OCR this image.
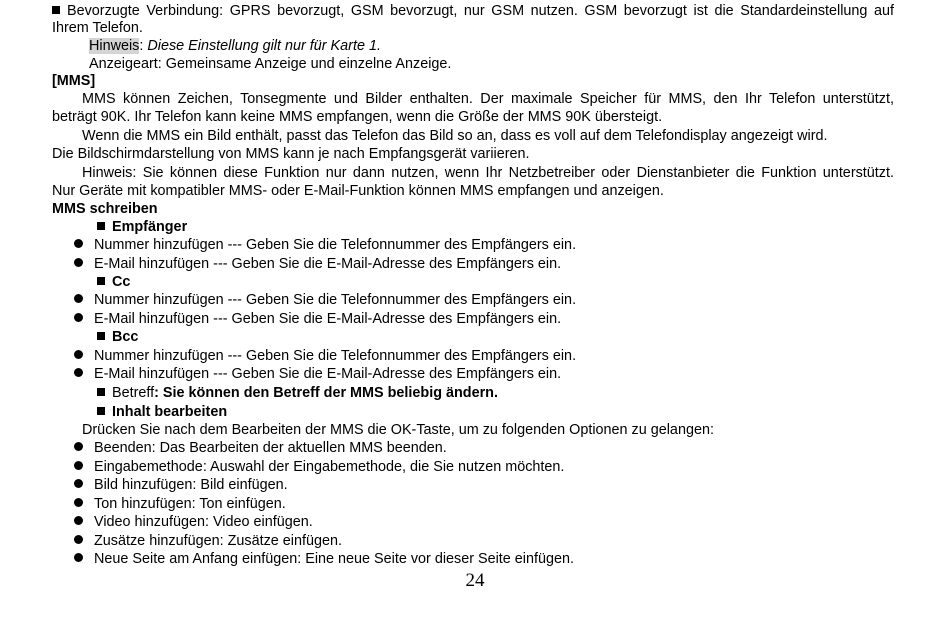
Bevorzugte Verbindung: GPRS bevorzugt, GSM bevorzugt, nur GSM nutzen. GSM bevorzugt ist die Standardeinstellung auf
Ihrem Telefon.
Hinweis: Diese Einstellung gilt nur für Karte 1.
Anzeigeart: Gemeinsame Anzeige und einzelne Anzeige.
[MMS]
MMS können Zeichen, Tonsegmente und Bilder enthalten. Der maximale Speicher für MMS, den Ihr Telefon unterstützt,
beträgt 90K. Ihr Telefon kann keine MMS empfangen, wenn die Größe der MMS 90K übersteigt.
Wenn die MMS ein Bild enthält, passt das Telefon das Bild so an, dass es voll auf dem Telefondisplay angezeigt wird.
Die Bildschirmdarstellung von MMS kann je nach Empfangsgerät variieren.
Hinweis: Sie können diese Funktion nur dann nutzen, wenn Ihr Netzbetreiber oder Dienstanbieter die Funktion unterstützt.
Nur Geräte mit kompatibler MMS- oder E-Mail-Funktion können MMS empfangen und anzeigen.
MMS schreiben
Empfänger
Nummer hinzufügen --- Geben Sie die Telefonnummer des Empfängers ein.
E-Mail hinzufügen --- Geben Sie die E-Mail-Adresse des Empfängers ein.
Cc
Nummer hinzufügen --- Geben Sie die Telefonnummer des Empfängers ein.
E-Mail hinzufügen --- Geben Sie die E-Mail-Adresse des Empfängers ein.
Bcc
Nummer hinzufügen --- Geben Sie die Telefonnummer des Empfängers ein.
E-Mail hinzufügen --- Geben Sie die E-Mail-Adresse des Empfängers ein.
Betreff: Sie können den Betreff der MMS beliebig ändern.
Inhalt bearbeiten
Drücken Sie nach dem Bearbeiten der MMS die OK-Taste, um zu folgenden Optionen zu gelangen:
Beenden: Das Bearbeiten der aktuellen MMS beenden.
Eingabemethode: Auswahl der Eingabemethode, die Sie nutzen möchten.
Bild hinzufügen: Bild einfügen.
Ton hinzufügen: Ton einfügen.
Video hinzufügen: Video einfügen.
Zusätze hinzufügen: Zusätze einfügen.
Neue Seite am Anfang einfügen: Eine neue Seite vor dieser Seite einfügen.
24
